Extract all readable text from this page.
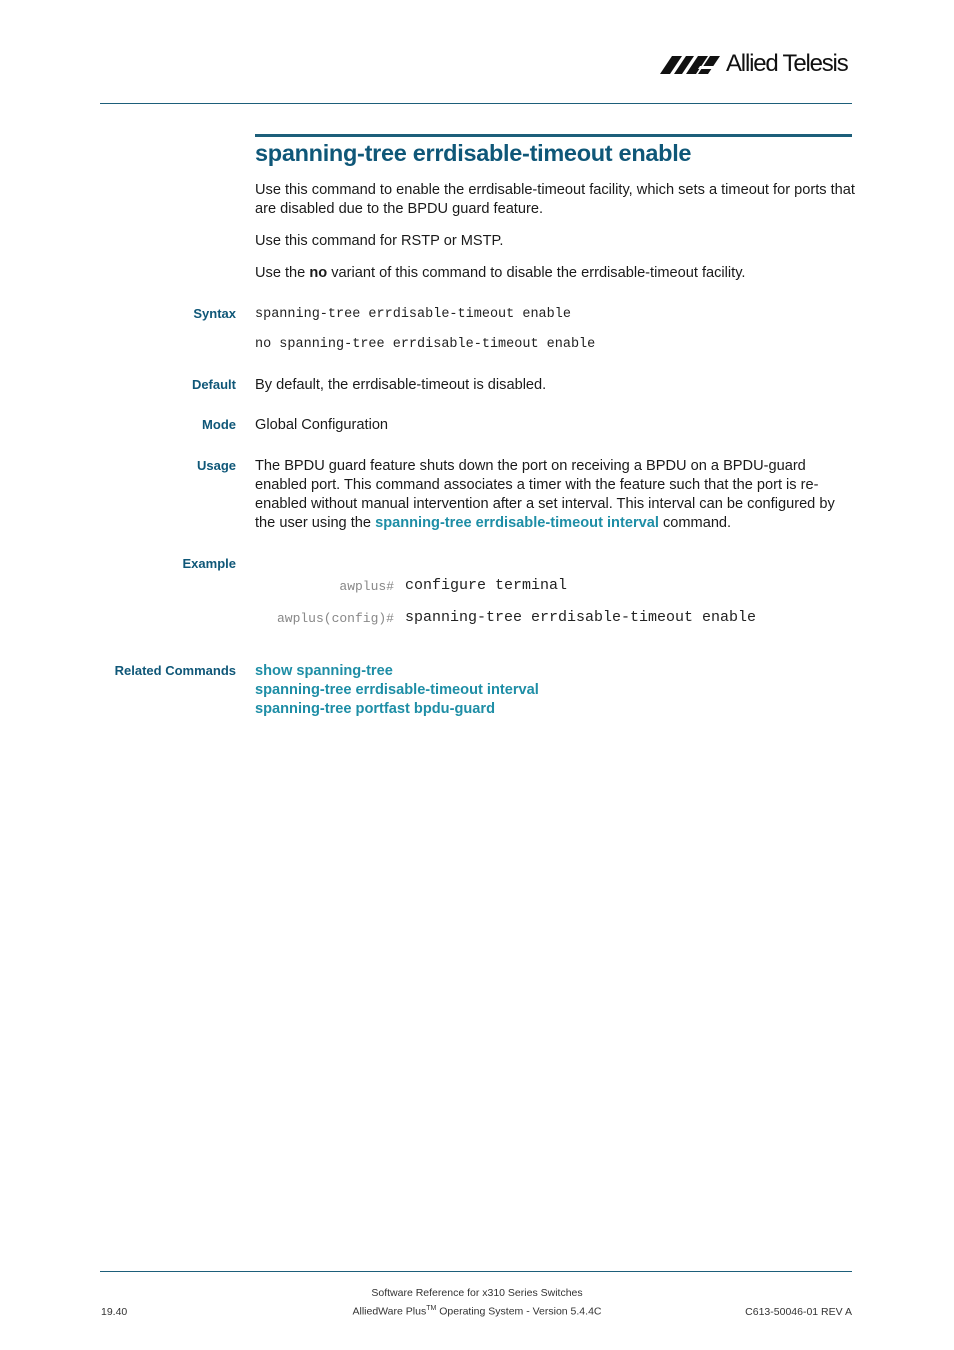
Allied Telesis
spanning-tree errdisable-timeout enable
Use this command to enable the errdisable-timeout facility, which sets a timeout for ports that are disabled due to the BPDU guard feature.
Use this command for RSTP or MSTP.
Use the no variant of this command to disable the errdisable-timeout facility.
Syntax spanning-tree errdisable-timeout enable
no spanning-tree errdisable-timeout enable
Default By default, the errdisable-timeout is disabled.
Mode Global Configuration
Usage The BPDU guard feature shuts down the port on receiving a BPDU on a BPDU-guard enabled port. This command associates a timer with the feature such that the port is re-enabled without manual intervention after a set interval. This interval can be configured by the user using the spanning-tree errdisable-timeout interval command.
Example
awplus# configure terminal
awplus(config)# spanning-tree errdisable-timeout enable
Related Commands show spanning-tree
spanning-tree errdisable-timeout interval
spanning-tree portfast bpdu-guard
Software Reference for x310 Series Switches
AlliedWare Plus™ Operating System - Version 5.4.4C
19.40	C613-50046-01 REV A
